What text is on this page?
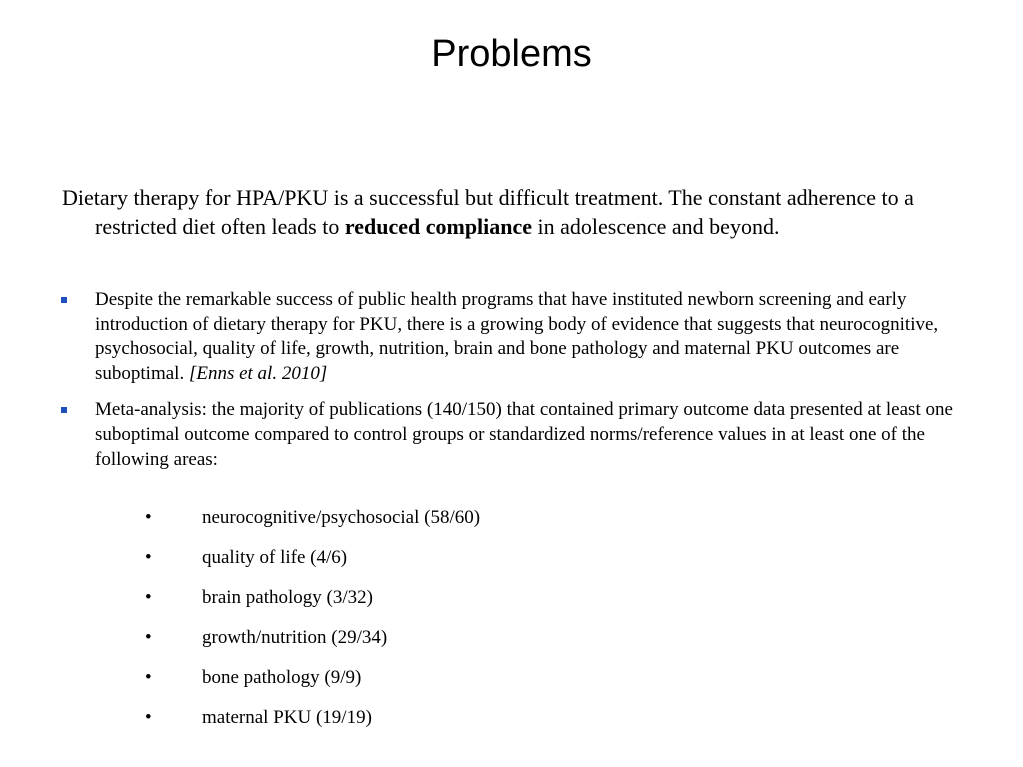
Problems

Dietary therapy for HPA/PKU is a successful but difficult treatment. The constant adherence to a restricted diet often leads to reduced compliance in adolescence and beyond.

Despite the remarkable success of public health programs that have instituted newborn screening and early introduction of dietary therapy for PKU, there is a growing body of evidence that suggests that neurocognitive, psychosocial, quality of life, growth, nutrition, brain and bone pathology and maternal PKU outcomes are suboptimal. [Enns et al. 2010]
Meta-analysis: the majority of publications (140/150) that contained primary outcome data presented at least one suboptimal outcome compared to control groups or standardized norms/reference values in at least one of the following areas:
•	neurocognitive/psychosocial (58/60)
•	quality of life (4/6)
•	brain pathology (3/32)
•	growth/nutrition (29/34)
•	bone pathology (9/9)
•	maternal PKU (19/19)
